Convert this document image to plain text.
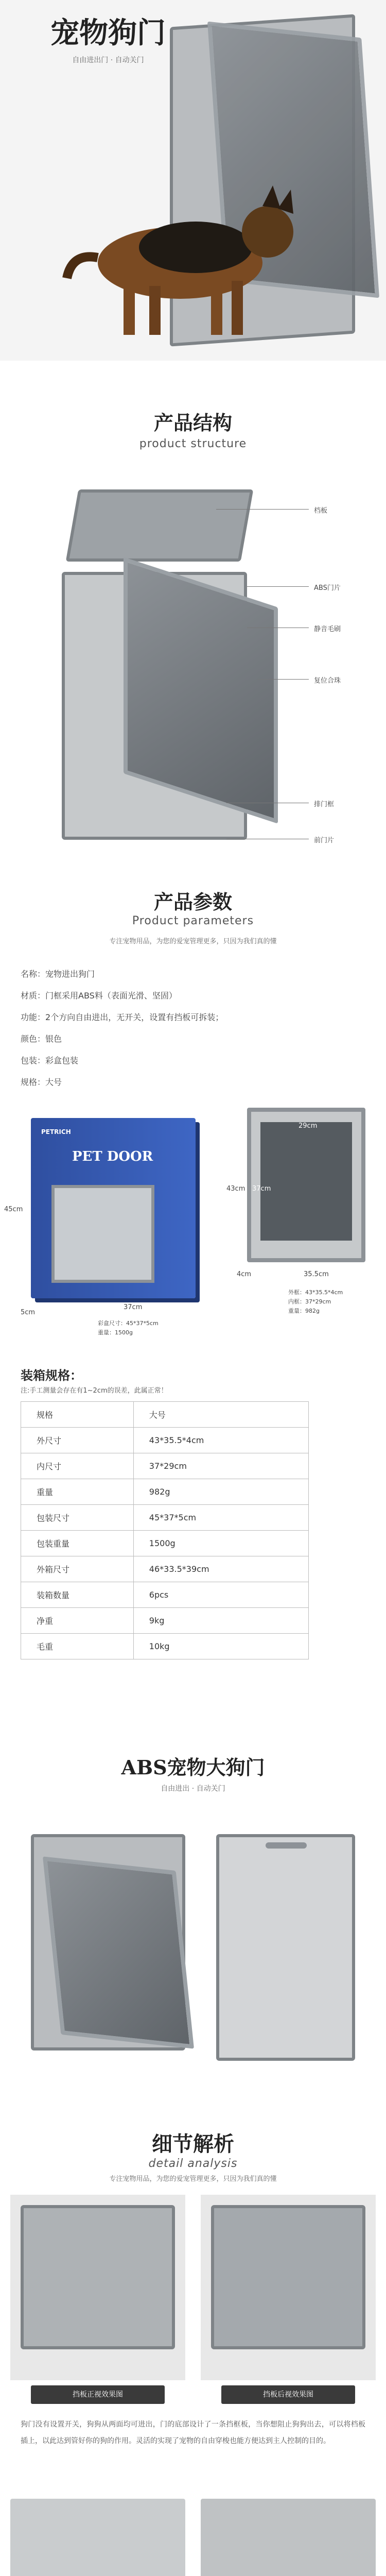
宠物狗门
自由进出门 · 自动关门
产品结构
product structure
档板
ABS门片
静音毛刷
复位合珠
排门框
前门片
产品参数
Product parameters
专注宠物用品，为您的爱宠管理更多，只因为我们真的懂
名称：宠物进出狗门
材质：门框采用ABS料（表面光滑、坚固）
功能：2个方向自由进出，无开关，设置有挡板可拆装；
颜色：银色
包装：彩盒包装
规格：大号
PETRICH
PET DOOR
45cm
37cm
5cm
彩盒尺寸：45*37*5cm
重量：1500g
29cm
37cm
43cm
35.5cm
4cm
外框：43*35.5*4cm
内框：37*29cm
重量：982g
装箱规格：
注:手工测量会存在有1~2cm的误差，此属正常！
规格	大号
外尺寸	43*35.5*4cm
内尺寸	37*29cm
重量	982g
包装尺寸	45*37*5cm
包装重量	1500g
外箱尺寸	46*33.5*39cm
装箱数量	6pcs
净重	9kg
毛重	10kg
ABS宠物大狗门
自由进出 · 自动关门
细节解析
detail analysis
专注宠物用品，为您的爱宠管理更多，只因为我们真的懂
挡板正视效果图	挡板后视效果图
狗门没有设置开关，狗狗从两面均可进出，门的底部设计了一条挡框板，当你想阻止狗狗出去，可以将档板插上，以此达到管好你的狗的作用。灵活的实现了宠物的自由穿梭也能方便达到主人控制的目的。
